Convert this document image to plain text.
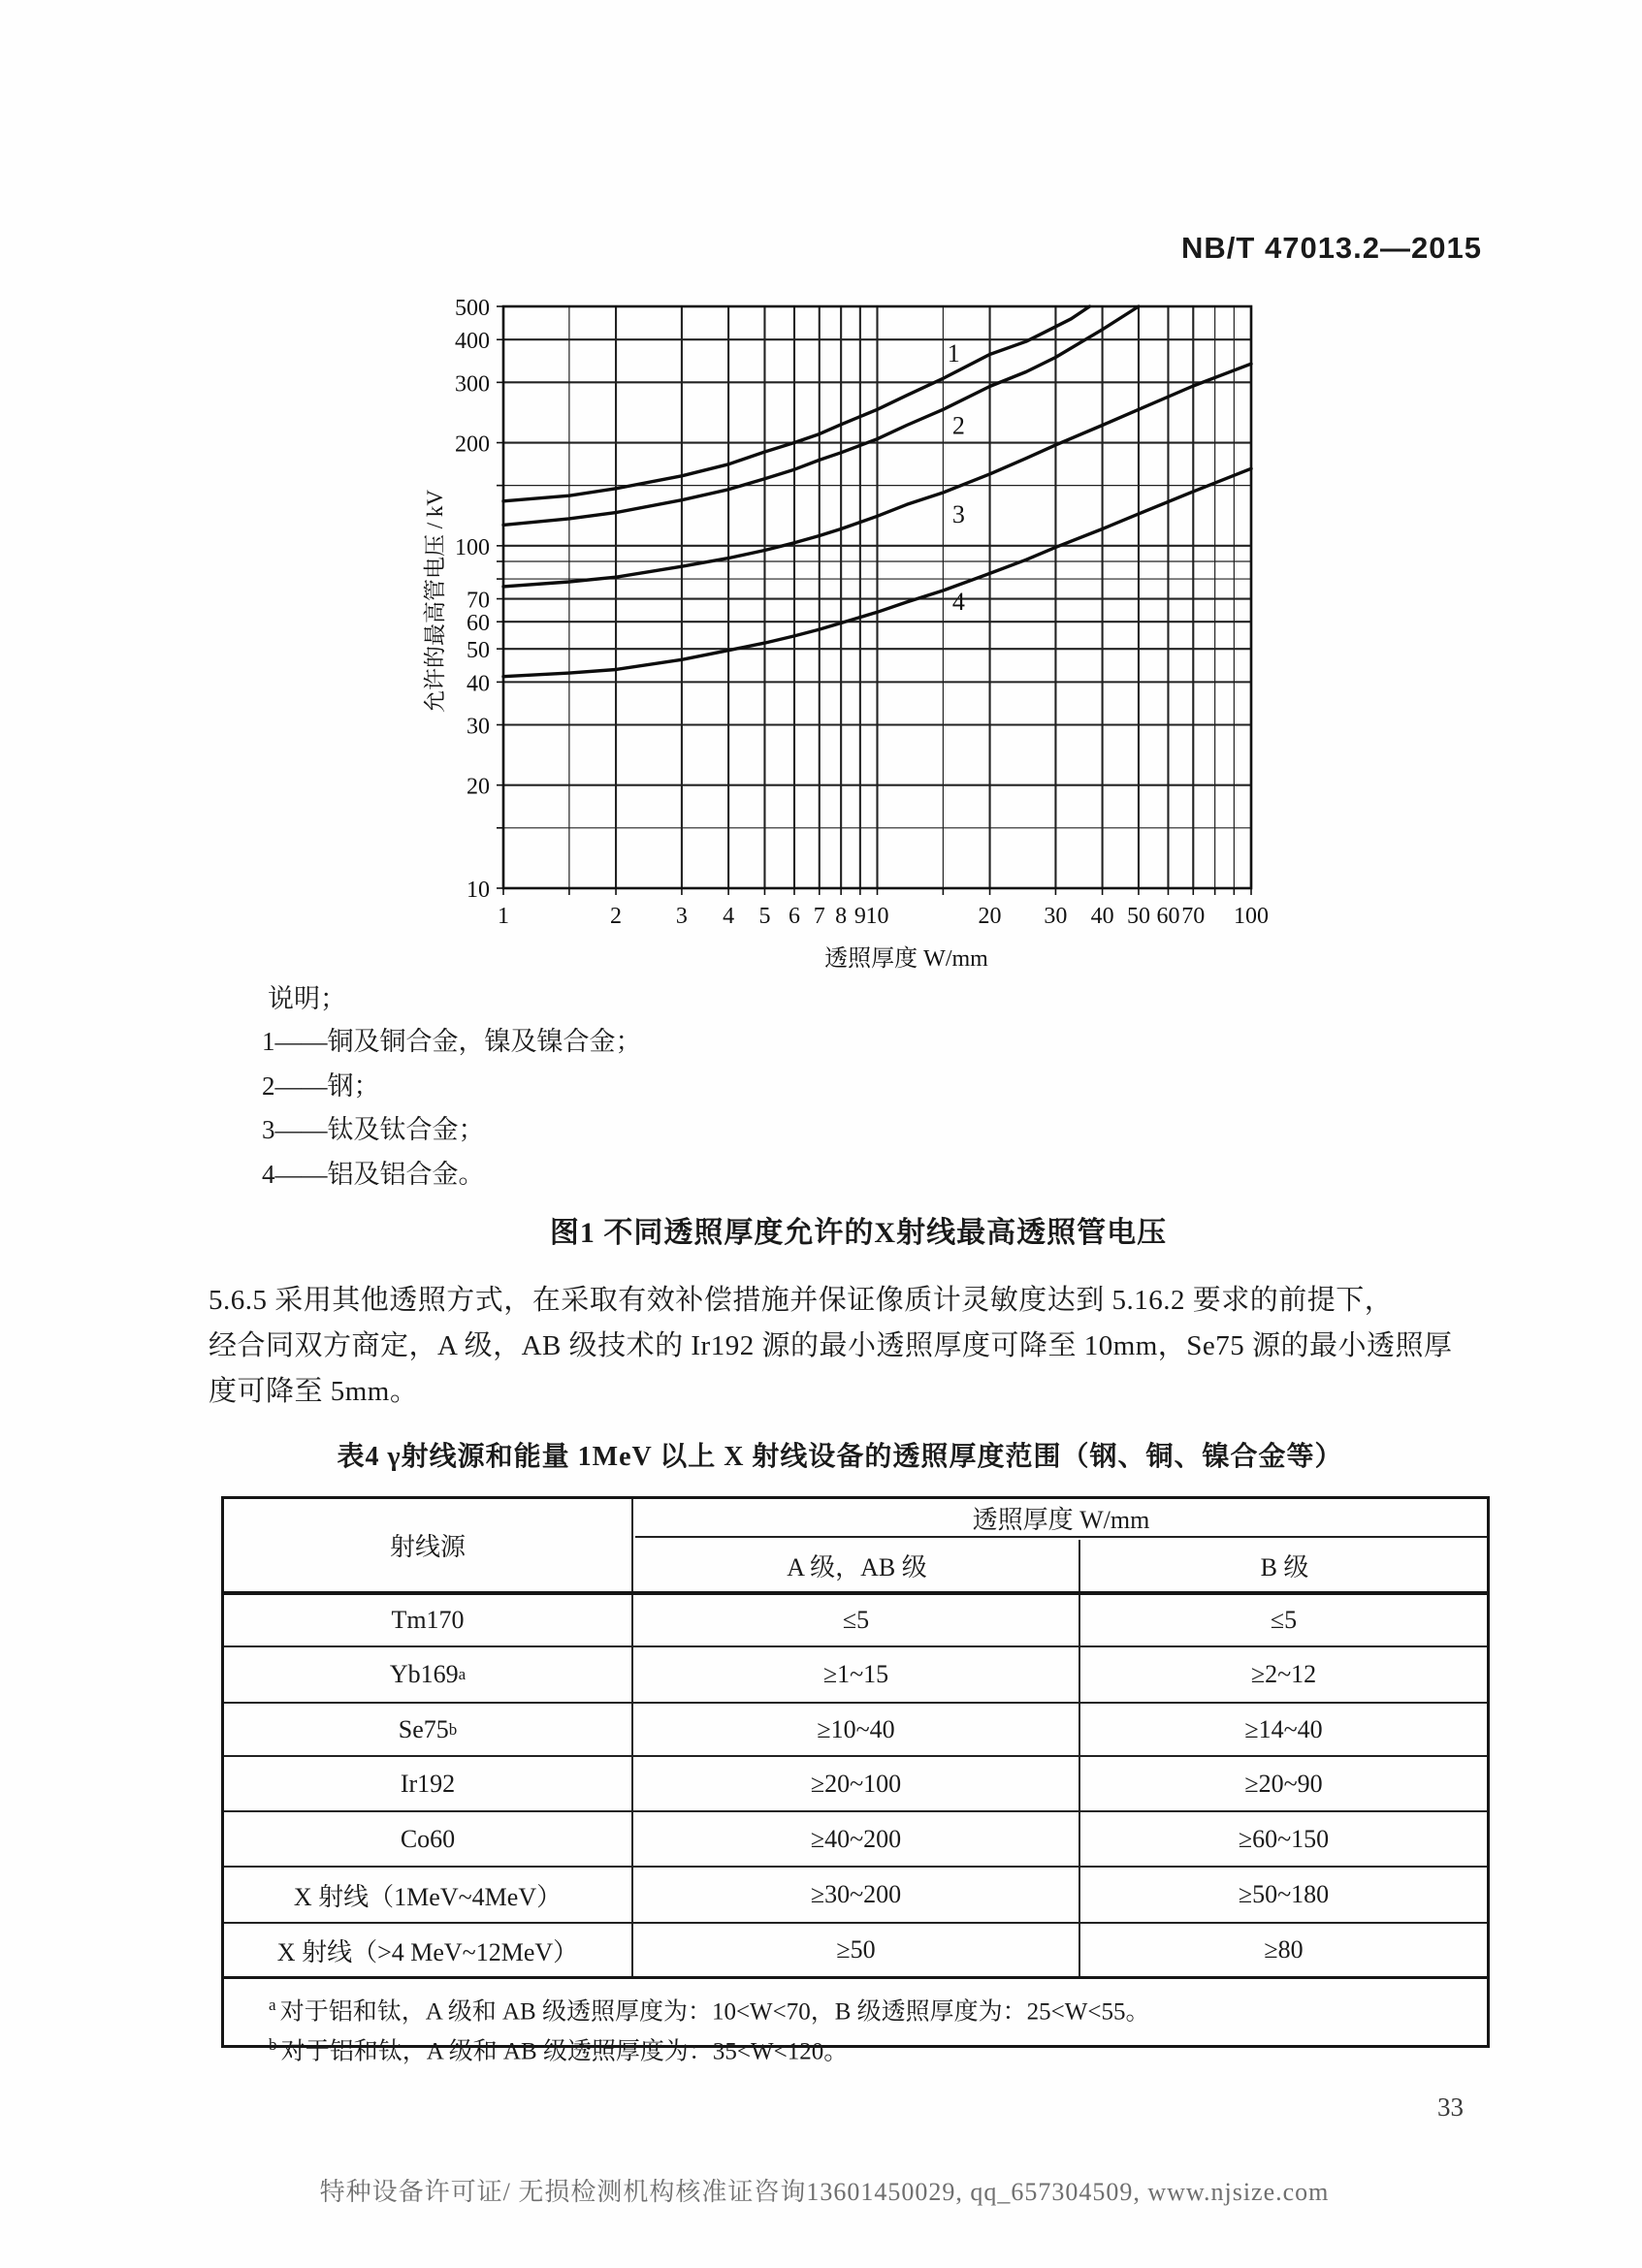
NB/T 47013.2—2015
1	2 3 4 5 6 7 8 9 10	20 30 40 50 60 70 100
10
20
30
40
50
60
70
100
200
300
400
500
透照厚度 W/mm
允许的最高管电压 / kV
1
2
3
4
说明；
1——铜及铜合金，镍及镍合金；
2——钢；
3——钛及钛合金；
4——铝及铝合金。
图1 不同透照厚度允许的X射线最高透照管电压
5.6.5 采用其他透照方式，在采取有效补偿措施并保证像质计灵敏度达到 5.16.2 要求的前提下，
经合同双方商定，A 级，AB 级技术的 Ir192 源的最小透照厚度可降至 10mm，Se75 源的最小透照厚
度可降至 5mm。
表4 γ射线源和能量 1MeV 以上 X 射线设备的透照厚度范围（钢、铜、镍合金等）
射线源
透照厚度 W/mm
A 级，AB 级	B 级
Tm170	≤5	≤5
Yb169 a	≥1~15	≥2~12
Se75 b	≥10~40	≥14~40
Ir192	≥20~100	≥20~90
Co60	≥40~200	≥60~150
X 射线（1MeV~4MeV）	≥30~200	≥50~180
X 射线（>4 MeV~12MeV）	≥50	≥80
$^a$ 对于铝和钛，A 级和 AB 级透照厚度为：10<W<70，B 级透照厚度为：25<W<55。
$^b$ 对于铝和钛，A 级和 AB 级透照厚度为：35<W<120。
33
特种设备许可证/ 无损检测机构核准证咨询13601450029, qq_657304509, www.njsize.com
